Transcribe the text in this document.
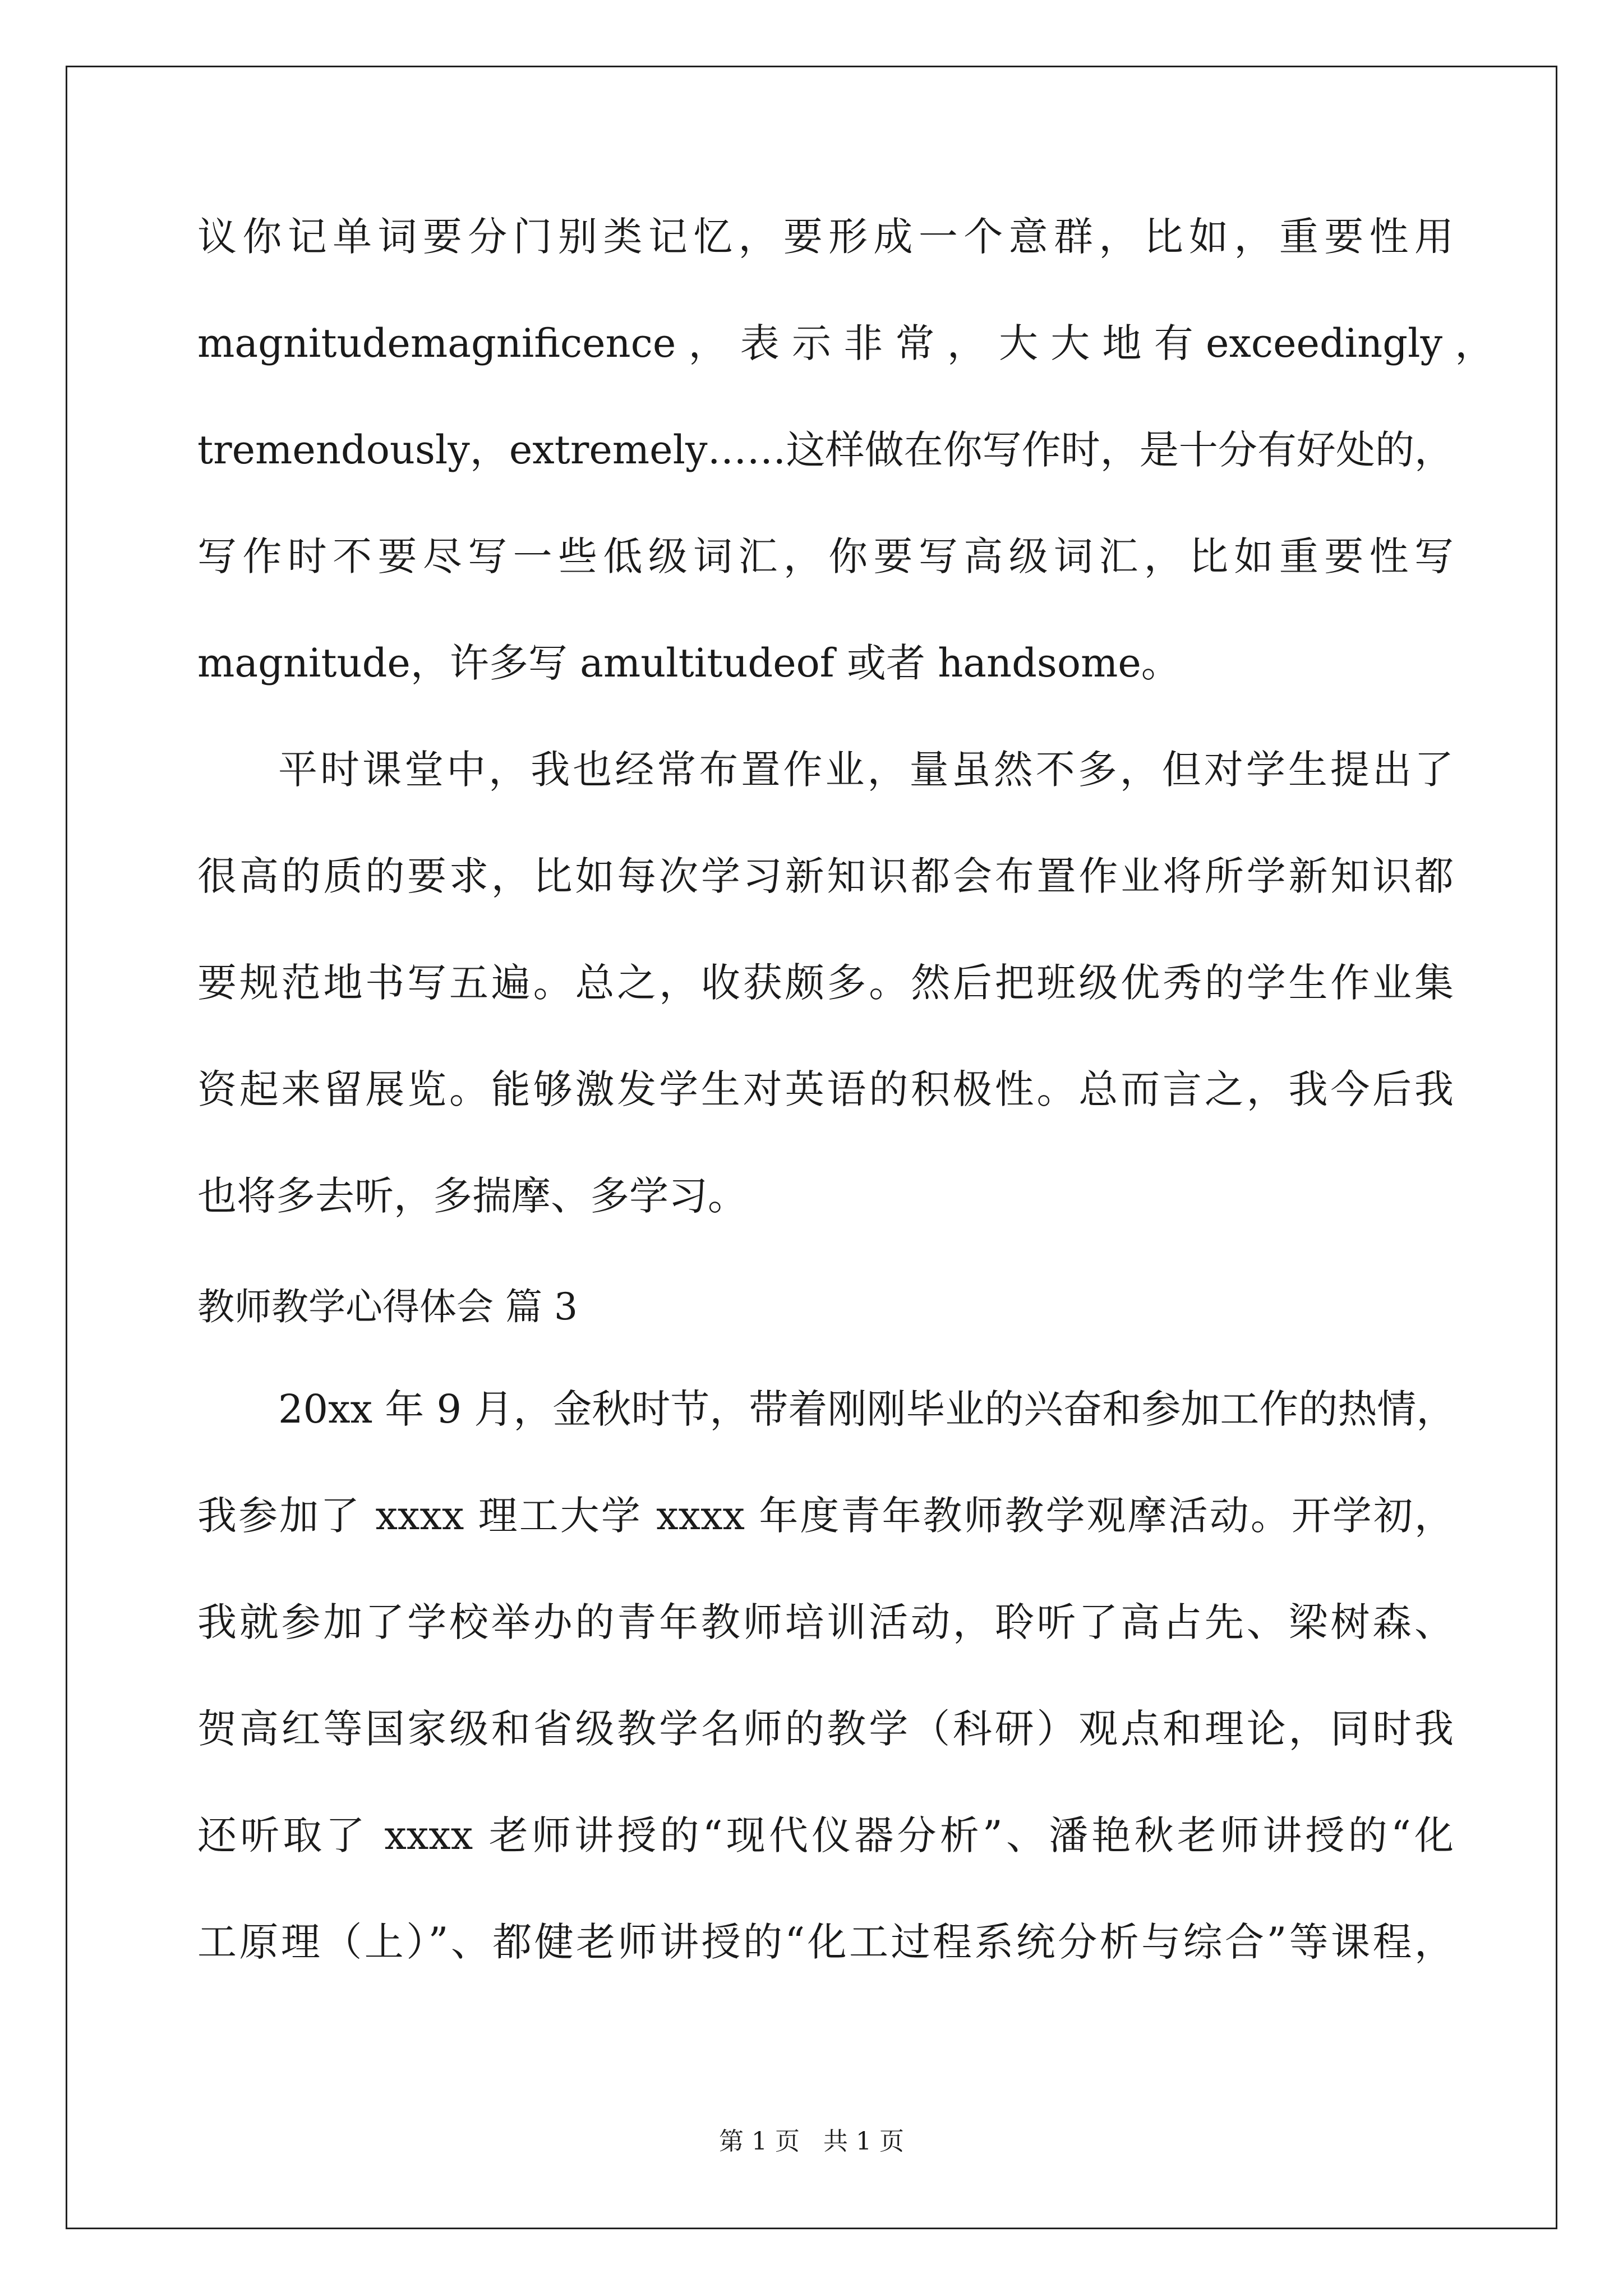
议你记单词要分门别类记忆，要形成一个意群，比如，重要性用
magnitudemagnificence ， 表 示 非 常 ， 大 大 地 有 exceedingly ，
tremendously，extremely……这样做在你写作时，是十分有好处的，
写作时不要尽写一些低级词汇，你要写高级词汇，比如重要性写
magnitude，许多写 amultitudeof 或者 handsome。
平时课堂中，我也经常布置作业，量虽然不多，但对学生提出了
很高的质的要求，比如每次学习新知识都会布置作业将所学新知识都
要规范地书写五遍。总之，收获颇多。然后把班级优秀的学生作业集
资起来留展览。能够激发学生对英语的积极性。总而言之，我今后我
也将多去听，多揣摩、多学习。
教师教学心得体会 篇 3
20xx 年 9 月，金秋时节，带着刚刚毕业的兴奋和参加工作的热情，
我参加了 xxxx 理工大学 xxxx 年度青年教师教学观摩活动。开学初，
我就参加了学校举办的青年教师培训活动，聆听了高占先、梁树森、
贺高红等国家级和省级教学名师的教学（科研）观点和理论，同时我
还听取了 xxxx 老师讲授的“现代仪器分析”、潘艳秋老师讲授的“化
工原理（上）”、都健老师讲授的“化工过程系统分析与综合”等课程，
第 1 页   共 1 页
